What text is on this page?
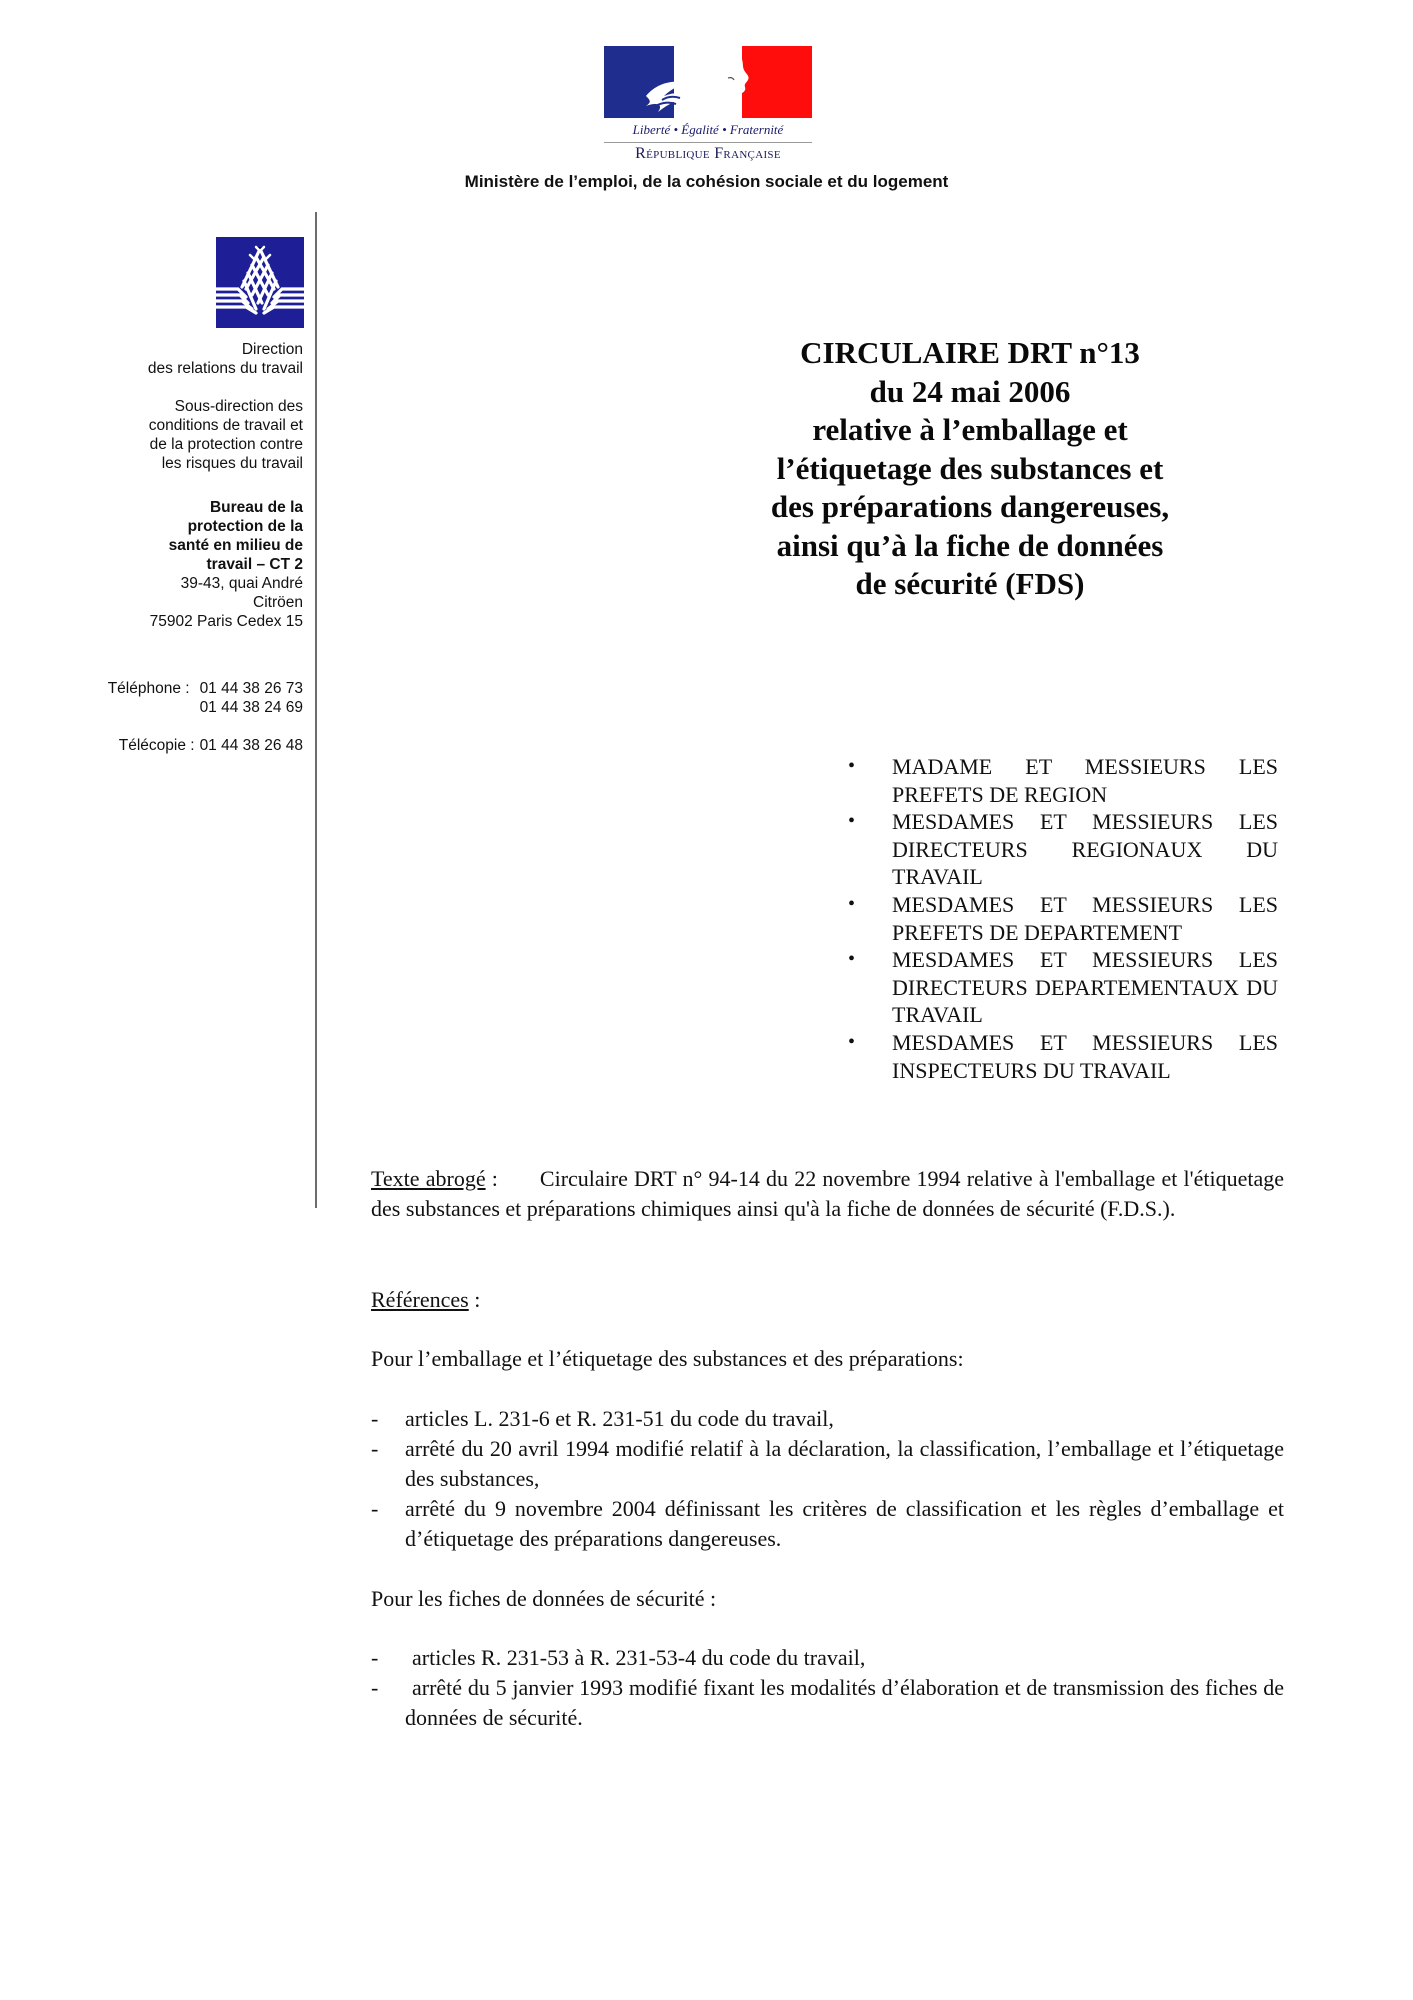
Liberté • Égalité • Fraternité
République Française
Ministère de l’emploi, de la cohésion sociale et du logement
Direction
des relations du travail
Sous-direction des
conditions de travail et
de la protection contre
les risques du travail
Bureau de la
protection de la
santé en milieu de
travail – CT 2
39-43, quai André
Citröen
75902 Paris Cedex 15
Téléphone : 01 44 38 26 73
01 44 38 24 69
Télécopie : 01 44 38 26 48
CIRCULAIRE DRT n°13
du 24 mai 2006
relative à l’emballage et
l’étiquetage des substances et
des préparations dangereuses,
ainsi qu’à la fiche de données
de sécurité (FDS)
• MADAME ET MESSIEURS LES PREFETS DE REGION
• MESDAMES ET MESSIEURS LES DIRECTEURS REGIONAUX DU TRAVAIL
• MESDAMES ET MESSIEURS LES PREFETS DE DEPARTEMENT
• MESDAMES ET MESSIEURS LES DIRECTEURS DEPARTEMENTAUX DU TRAVAIL
• MESDAMES ET MESSIEURS LES INSPECTEURS DU TRAVAIL
Texte abrogé : Circulaire DRT n° 94-14 du 22 novembre 1994 relative à l'emballage et l'étiquetage des substances et préparations chimiques ainsi qu'à la fiche de données de sécurité (F.D.S.).
Références :
Pour l’emballage et l’étiquetage des substances et des préparations:
- articles L. 231-6 et R. 231-51 du code du travail,
- arrêté du 20 avril 1994 modifié relatif à la déclaration, la classification, l’emballage et l’étiquetage des substances,
- arrêté du 9 novembre 2004 définissant les critères de classification et les règles d’emballage et d’étiquetage des préparations dangereuses.
Pour les fiches de données de sécurité :
- articles R. 231-53 à R. 231-53-4 du code du travail,
- arrêté du 5 janvier 1993 modifié fixant les modalités d’élaboration et de transmission des fiches de données de sécurité.
